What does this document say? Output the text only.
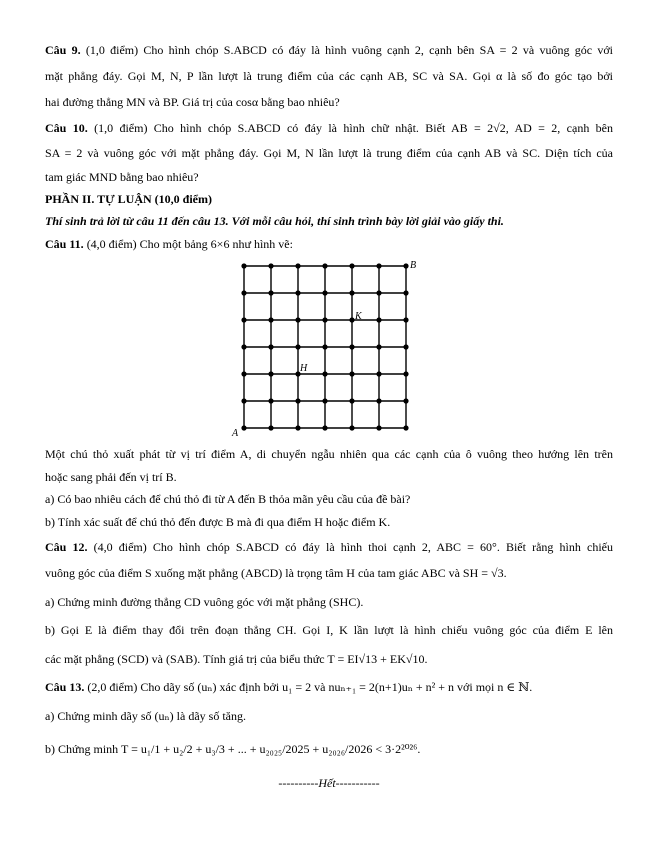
Câu 9. (1,0 điểm) Cho hình chóp S.ABCD có đáy là hình vuông cạnh 2, cạnh bên SA = 2 và vuông góc với
mặt phẳng đáy. Gọi M, N, P lần lượt là trung điểm của các cạnh AB, SC và SA. Gọi α là số đo góc tạo bởi
hai đường thẳng MN và BP. Giá trị của cosα bằng bao nhiêu?
Câu 10. (1,0 điểm) Cho hình chóp S.ABCD có đáy là hình chữ nhật. Biết AB = 2√2, AD = 2, cạnh bên
SA = 2 và vuông góc với mặt phẳng đáy. Gọi M, N lần lượt là trung điểm của cạnh AB và SC. Diện tích của
tam giác MND bằng bao nhiêu?
PHẦN II. TỰ LUẬN (10,0 điểm)
Thí sinh trả lời từ câu 11 đến câu 13. Với mỗi câu hỏi, thí sinh trình bày lời giải vào giấy thi.
Câu 11. (4,0 điểm) Cho một bảng 6×6 như hình vẽ:
B
K
H
A
Một chú thỏ xuất phát từ vị trí điểm A, di chuyển ngẫu nhiên qua các cạnh của ô vuông theo hướng lên trên
hoặc sang phải đến vị trí B.
a) Có bao nhiêu cách để chú thỏ đi từ A đến B thỏa mãn yêu cầu của đề bài?
b) Tính xác suất để chú thỏ đến được B mà đi qua điểm H hoặc điểm K.
Câu 12. (4,0 điểm) Cho hình chóp S.ABCD có đáy là hình thoi cạnh 2, ABC = 60°. Biết rằng hình chiếu
vuông góc của điểm S xuống mặt phẳng (ABCD) là trọng tâm H của tam giác ABC và SH = √3.
a) Chứng minh đường thẳng CD vuông góc với mặt phẳng (SHC).
b) Gọi E là điểm thay đổi trên đoạn thẳng CH. Gọi I, K lần lượt là hình chiếu vuông góc của điểm E lên
các mặt phẳng (SCD) và (SAB). Tính giá trị của biểu thức T = EI√13 + EK√10.
Câu 13. (2,0 điểm) Cho dãy số (uₙ) xác định bởi u₁ = 2 và nuₙ₊₁ = 2(n+1)uₙ + n² + n với mọi n ∈ ℕ.
a) Chứng minh dãy số (uₙ) là dãy số tăng.
b) Chứng minh T = u₁/1 + u₂/2 + u₃/3 + ... + u₂₀₂₅/2025 + u₂₀₂₆/2026 < 3·2²⁰²⁶.
----------Hết-----------
